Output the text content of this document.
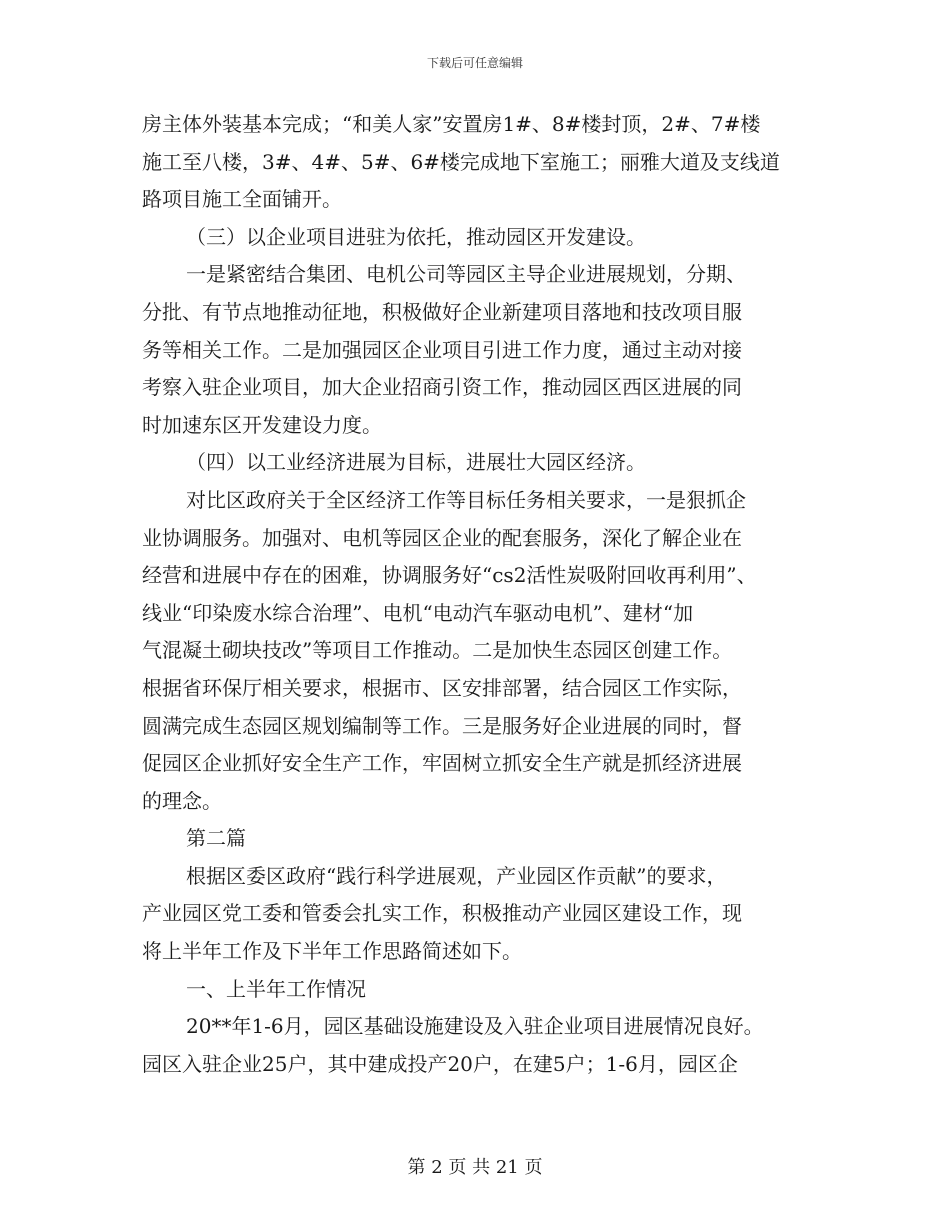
下载后可任意编辑
房主体外装基本完成；“和美人家”安置房1#、8#楼封顶，2#、7#楼
施工至八楼，3#、4#、5#、6#楼完成地下室施工；丽雅大道及支线道
路项目施工全面铺开。
（三）以企业项目进驻为依托，推动园区开发建设。
一是紧密结合集团、电机公司等园区主导企业进展规划，分期、
分批、有节点地推动征地，积极做好企业新建项目落地和技改项目服
务等相关工作。二是加强园区企业项目引进工作力度，通过主动对接
考察入驻企业项目，加大企业招商引资工作，推动园区西区进展的同
时加速东区开发建设力度。
（四）以工业经济进展为目标，进展壮大园区经济。
对比区政府关于全区经济工作等目标任务相关要求，一是狠抓企
业协调服务。加强对、电机等园区企业的配套服务，深化了解企业在
经营和进展中存在的困难，协调服务好“cs2活性炭吸附回收再利用”、
线业“印染废水综合治理”、电机“电动汽车驱动电机”、建材“加
气混凝土砌块技改”等项目工作推动。二是加快生态园区创建工作。
根据省环保厅相关要求，根据市、区安排部署，结合园区工作实际，
圆满完成生态园区规划编制等工作。三是服务好企业进展的同时，督
促园区企业抓好安全生产工作，牢固树立抓安全生产就是抓经济进展
的理念。
第二篇
根据区委区政府“践行科学进展观，产业园区作贡献”的要求，
产业园区党工委和管委会扎实工作，积极推动产业园区建设工作，现
将上半年工作及下半年工作思路简述如下。
一、上半年工作情况
20**年1-6月，园区基础设施建设及入驻企业项目进展情况良好。
园区入驻企业25户，其中建成投产20户，在建5户；1-6月，园区企
第 2 页 共 21 页
